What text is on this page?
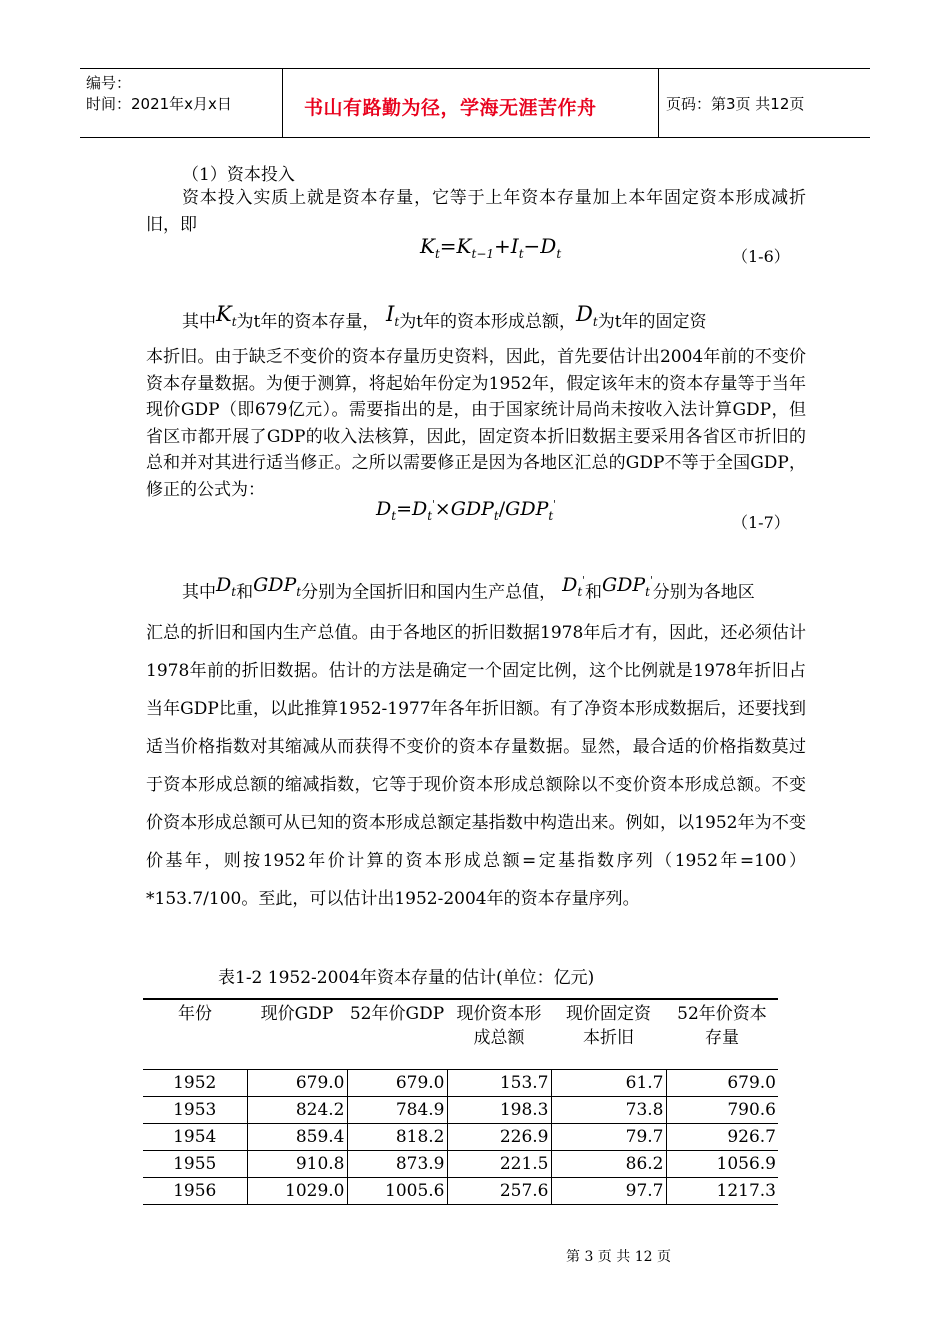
编号：
时间：2021年x月x日	书山有路勤为径，学海无涯苦作舟	页码：第3页 共12页
（1）资本投入
资本投入实质上就是资本存量，它等于上年资本存量加上本年固定资本形成减折旧，即
$K_t=K_{t-1}+I_t-D_t$	（1-6）
其中$K_t$为t年的资本存量， $I_t$为t年的资本形成总额，$D_t$为t年的固定资
本折旧。由于缺乏不变价的资本存量历史资料，因此，首先要估计出2004年前的不变价资本存量数据。为便于测算，将起始年份定为1952年，假定该年末的资本存量等于当年现价GDP（即679亿元）。需要指出的是，由于国家统计局尚未按收入法计算GDP，但省区市都开展了GDP的收入法核算，因此，固定资本折旧数据主要采用各省区市折旧的总和并对其进行适当修正。之所以需要修正是因为各地区汇总的GDP不等于全国GDP，修正的公式为：
$D_t=D_t'\times GDP_t/GDP_t'$
（1-7）
其中$D_t$和$GDP_t$分别为全国折旧和国内生产总值， $D_t'$和$GDP_t'$分别为各地区
汇总的折旧和国内生产总值。由于各地区的折旧数据1978年后才有，因此，还必须估计1978年前的折旧数据。估计的方法是确定一个固定比例，这个比例就是1978年折旧占当年GDP比重，以此推算1952-1977年各年折旧额。有了净资本形成数据后，还要找到适当价格指数对其缩减从而获得不变价的资本存量数据。显然，最合适的价格指数莫过于资本形成总额的缩减指数，它等于现价资本形成总额除以不变价资本形成总额。不变价资本形成总额可从已知的资本形成总额定基指数中构造出来。例如，以1952年为不变价基年，则按1952年价计算的资本形成总额=定基指数序列（1952年=100）*153.7/100。至此，可以估计出1952-2004年的资本存量序列。
表1-2 1952-2004年资本存量的估计(单位：亿元)
年份	现价GDP	52年价GDP	现价资本形成总额	现价固定资本折旧	52年价资本存量
1952	679.0	679.0	153.7	61.7	679.0
1953	824.2	784.9	198.3	73.8	790.6
1954	859.4	818.2	226.9	79.7	926.7
1955	910.8	873.9	221.5	86.2	1056.9
1956	1029.0	1005.6	257.6	97.7	1217.3
第 3 页 共 12 页
